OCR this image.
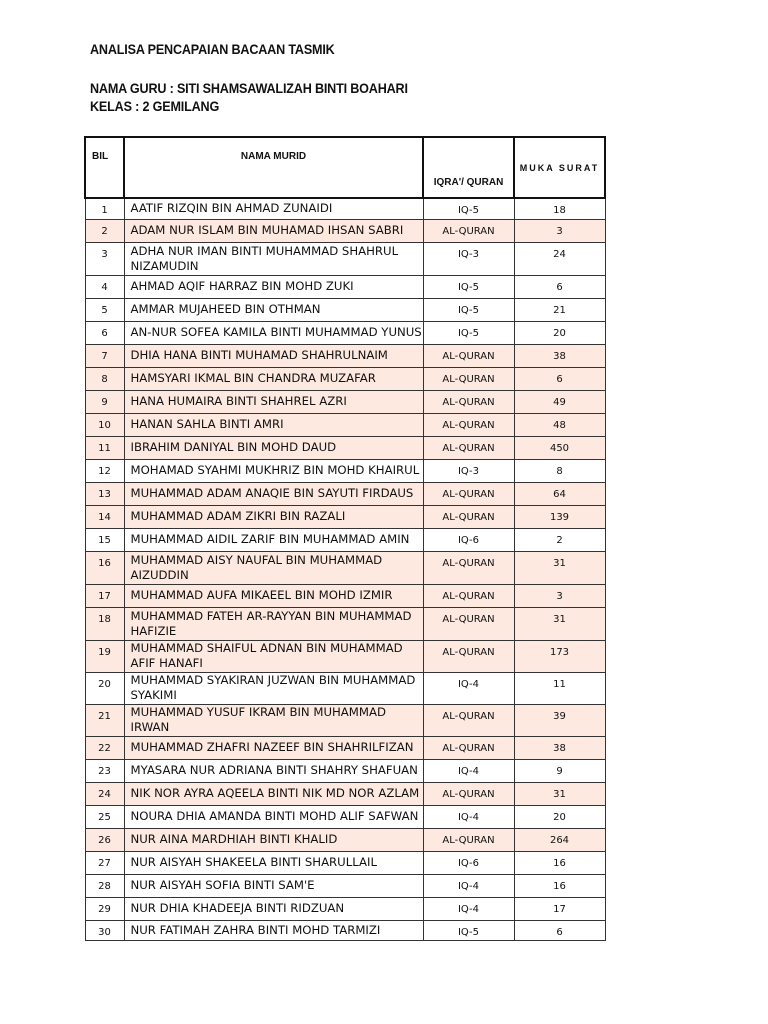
ANALISA PENCAPAIAN BACAAN TASMIK

NAMA GURU : SITI SHAMSAWALIZAH BINTI BOAHARI

KELAS : 2 GEMILANG

BIL	NAMA MURID	IQRA'/ QURAN	MUKA SURAT
1	AATIF RIZQIN BIN AHMAD ZUNAIDI	IQ-5	18
2	ADAM NUR ISLAM BIN MUHAMAD IHSAN SABRI	AL-QURAN	3
3	ADHA NUR IMAN BINTI MUHAMMAD SHAHRUL NIZAMUDIN	IQ-3	24
4	AHMAD AQIF HARRAZ BIN MOHD ZUKI	IQ-5	6
5	AMMAR MUJAHEED BIN OTHMAN	IQ-5	21
6	AN-NUR SOFEA KAMILA BINTI MUHAMMAD YUNUS	IQ-5	20
7	DHIA HANA BINTI MUHAMAD SHAHRULNAIM	AL-QURAN	38
8	HAMSYARI IKMAL BIN CHANDRA MUZAFAR	AL-QURAN	6
9	HANA HUMAIRA BINTI SHAHREL AZRI	AL-QURAN	49
10	HANAN SAHLA BINTI AMRI	AL-QURAN	48
11	IBRAHIM DANIYAL BIN MOHD DAUD	AL-QURAN	450
12	MOHAMAD SYAHMI MUKHRIZ BIN MOHD KHAIRUL	IQ-3	8
13	MUHAMMAD ADAM ANAQIE BIN SAYUTI FIRDAUS	AL-QURAN	64
14	MUHAMMAD ADAM ZIKRI BIN RAZALI	AL-QURAN	139
15	MUHAMMAD AIDIL ZARIF BIN MUHAMMAD AMIN	IQ-6	2
16	MUHAMMAD AISY NAUFAL BIN MUHAMMAD AIZUDDIN	AL-QURAN	31
17	MUHAMMAD AUFA MIKAEEL BIN MOHD IZMIR	AL-QURAN	3
18	MUHAMMAD FATEH AR-RAYYAN BIN MUHAMMAD HAFIZIE	AL-QURAN	31
19	MUHAMMAD SHAIFUL ADNAN BIN MUHAMMAD AFIF HANAFI	AL-QURAN	173
20	MUHAMMAD SYAKIRAN JUZWAN BIN MUHAMMAD SYAKIMI	IQ-4	11
21	MUHAMMAD YUSUF IKRAM BIN MUHAMMAD IRWAN	AL-QURAN	39
22	MUHAMMAD ZHAFRI NAZEEF BIN SHAHRILFIZAN	AL-QURAN	38
23	MYASARA NUR ADRIANA BINTI SHAHRY SHAFUAN	IQ-4	9
24	NIK NOR AYRA AQEELA BINTI NIK MD NOR AZLAM	AL-QURAN	31
25	NOURA DHIA AMANDA BINTI MOHD ALIF SAFWAN	IQ-4	20
26	NUR AINA MARDHIAH BINTI KHALID	AL-QURAN	264
27	NUR AISYAH SHAKEELA BINTI SHARULLAIL	IQ-6	16
28	NUR AISYAH SOFIA BINTI SAM'E	IQ-4	16
29	NUR DHIA KHADEEJA BINTI RIDZUAN	IQ-4	17
30	NUR FATIMAH ZAHRA BINTI MOHD TARMIZI	IQ-5	6
